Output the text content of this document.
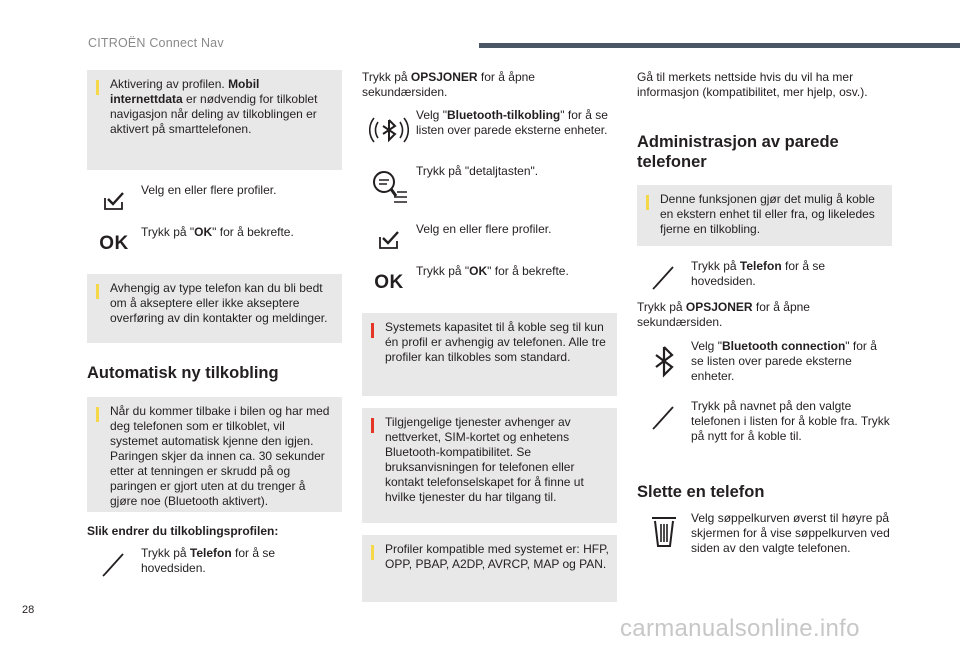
CITROËN Connect Nav

Aktivering av profilen. Mobil internettdata er nødvendig for tilkoblet navigasjon når deling av tilkoblingen er aktivert på smarttelefonen.

Velg en eller flere profiler.
OK
Trykk på "OK" for å bekrefte.

Avhengig av type telefon kan du bli bedt om å akseptere eller ikke akseptere overføring av din kontakter og meldinger.

Automatisk ny tilkobling

Når du kommer tilbake i bilen og har med deg telefonen som er tilkoblet, vil systemet automatisk kjenne den igjen. Paringen skjer da innen ca. 30 sekunder etter at tenningen er skrudd på og paringen er gjort uten at du trenger å gjøre noe (Bluetooth aktivert).

Slik endrer du tilkoblingsprofilen:

Trykk på Telefon for å se hovedsiden.

Trykk på OPSJONER for å åpne sekundærsiden.

Velg "Bluetooth-tilkobling" for å se listen over parede eksterne enheter.
Trykk på "detaljtasten".
Velg en eller flere profiler.
OK
Trykk på "OK" for å bekrefte.

Systemets kapasitet til å koble seg til kun én profil er avhengig av telefonen. Alle tre profiler kan tilkobles som standard.

Tilgjengelige tjenester avhenger av nettverket, SIM-kortet og enhetens Bluetooth-kompatibilitet. Se bruksanvisningen for telefonen eller kontakt telefonselskapet for å finne ut hvilke tjenester du har tilgang til.

Profiler kompatible med systemet er: HFP, OPP, PBAP, A2DP, AVRCP, MAP og PAN.

Gå til merkets nettside hvis du vil ha mer informasjon (kompatibilitet, mer hjelp, osv.).

Administrasjon av parede telefoner

Denne funksjonen gjør det mulig å koble en ekstern enhet til eller fra, og likeledes fjerne en tilkobling.

Trykk på Telefon for å se hovedsiden.

Trykk på OPSJONER for å åpne sekundærsiden.

Velg "Bluetooth connection" for å se listen over parede eksterne enheter.
Trykk på navnet på den valgte telefonen i listen for å koble fra. Trykk på nytt for å koble til.

Slette en telefon

Velg søppelkurven øverst til høyre på skjermen for å vise søppelkurven ved siden av den valgte telefonen.
28
carmanualsonline.info
